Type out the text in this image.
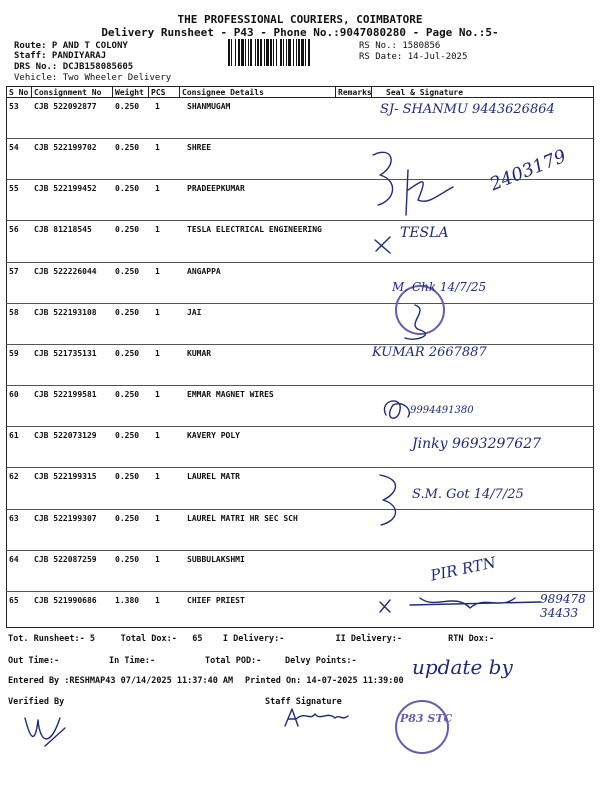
THE PROFESSIONAL COURIERS, COIMBATORE
Delivery Runsheet - P43 - Phone No.:9047080280 - Page No.:5-
Route: P AND T COLONY
Staff: PANDIYARAJ
DRS No.: DCJB158085605
Vehicle: Two Wheeler Delivery
RS No.: 1580856
RS Date: 14-Jul-2025
S No Consignment No Weight PCS Consignee Details	Remarks Seal & Signature
53 CJB 522092877 0.250 1	SHANMUGAM
54 CJB 522199702 0.250 1	SHREE
55 CJB 522199452 0.250 1	PRADEEPKUMAR
56 CJB 81218545	0.250 1	TESLA ELECTRICAL ENGINEERING
57 CJB 522226044 0.250 1	ANGAPPA
58 CJB 522193108 0.250 1	JAI
59 CJB 521735131 0.250 1	KUMAR
60 CJB 522199581 0.250 1	EMMAR MAGNET WIRES
61 CJB 522073129 0.250 1	KAVERY POLY
62 CJB 522199315 0.250 1	LAUREL MATR
63 CJB 522199307 0.250 1	LAUREL MATRI HR SEC SCH
64 CJB 522087259 0.250 1	SUBBULAKSHMI
65 CJB 521990686 1.380 1	CHIEF PRIEST
SJ- SHANMU 9443626864
2403179
TESLA
M. Chk 14/7/25
KUMAR 2667887
9994491380
Jinky 9693297627
S.M. Got 14/7/25
PIR RTN
989478 34433
Tot. Runsheet:- 5     Total Dox:-   65    I Delivery:-          II Delivery:-         RTN Dox:-
Out Time:-	In Time:-	Total POD:-	Delvy Points:-
Entered By :RESHMAP43 07/14/2025 11:37:40 AM Printed On: 14-07-2025 11:39:00
update by
Verified By	Staff Signature
P83 STC
